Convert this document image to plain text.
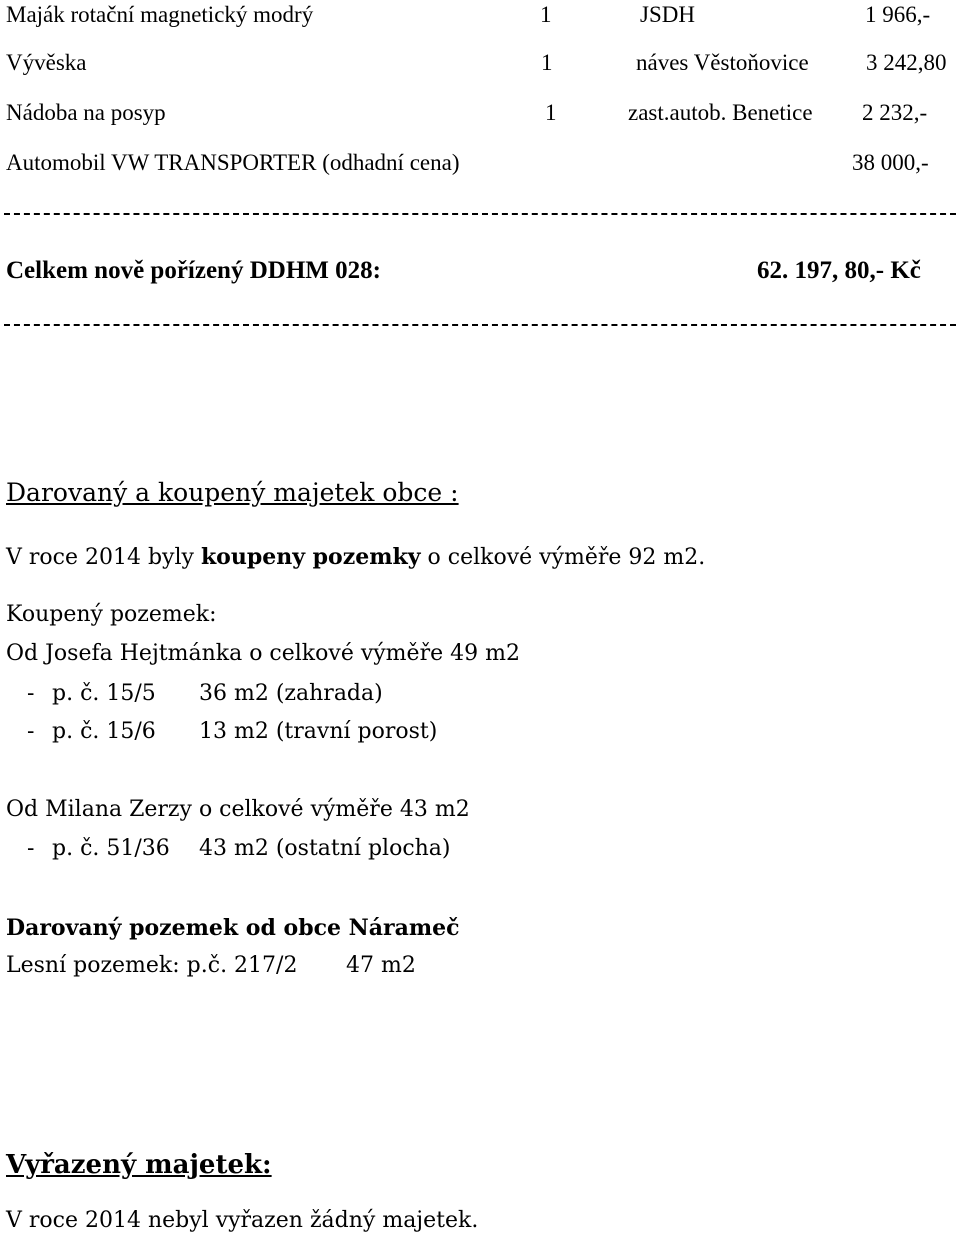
Maják rotační magnetický modrý	1	JSDH	1 966,-
Vývěska	1	náves Věstoňovice 3 242,80
Nádoba na posyp	1	zast.autob. Benetice 2 232,-
Automobil VW TRANSPORTER (odhadní cena)	38 000,-
Celkem nově pořízený DDHM 028:	62. 197, 80,- Kč
Darovaný a koupený majetek obce :
V roce 2014 byly koupeny pozemky o celkové výměře 92 m2.
Koupený pozemek:
Od Josefa Hejtmánka o celkové výměře 49 m2
- p. č. 15/5 36 m2 (zahrada)
- p. č. 15/6 13 m2 (travní porost)
Od Milana Zerzy o celkové výměře 43 m2
- p. č. 51/36 43 m2 (ostatní plocha)
Darovaný pozemek od obce Nárameč
Lesní pozemek: p.č. 217/2 47 m2
Vyřazený majetek:
V roce 2014 nebyl vyřazen žádný majetek.
